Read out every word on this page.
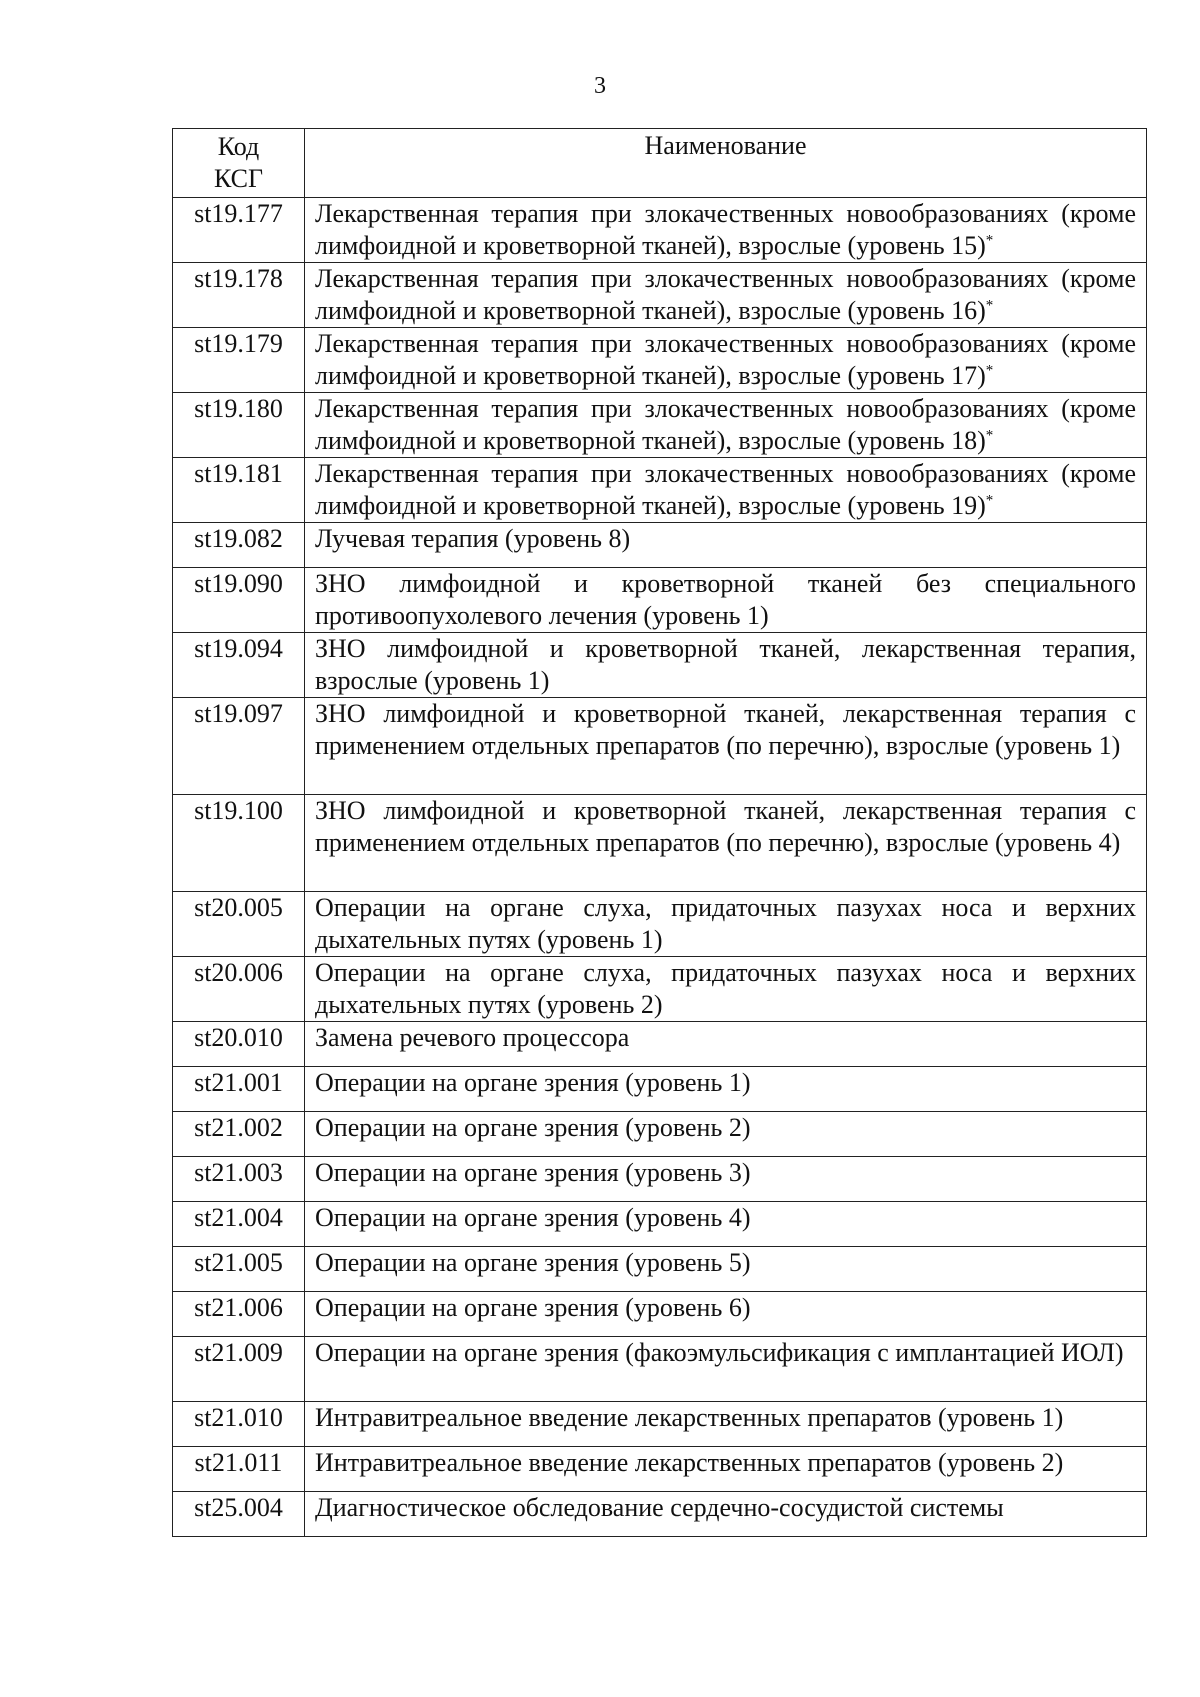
3
Код
КСГ	Наименование
st19.177	Лекарственная терапия при злокачественных новообразованиях (кроме лимфоидной и кроветворной тканей), взрослые (уровень 15)*
st19.178	Лекарственная терапия при злокачественных новообразованиях (кроме лимфоидной и кроветворной тканей), взрослые (уровень 16)*
st19.179	Лекарственная терапия при злокачественных новообразованиях (кроме лимфоидной и кроветворной тканей), взрослые (уровень 17)*
st19.180	Лекарственная терапия при злокачественных новообразованиях (кроме лимфоидной и кроветворной тканей), взрослые (уровень 18)*
st19.181	Лекарственная терапия при злокачественных новообразованиях (кроме лимфоидной и кроветворной тканей), взрослые (уровень 19)*
st19.082	Лучевая терапия (уровень 8)
st19.090	ЗНО лимфоидной и кроветворной тканей без специального противоопухолевого лечения (уровень 1)
st19.094	ЗНО лимфоидной и кроветворной тканей, лекарственная терапия, взрослые (уровень 1)
st19.097	ЗНО лимфоидной и кроветворной тканей, лекарственная терапия с применением отдельных препаратов (по перечню), взрослые (уровень 1)
st19.100	ЗНО лимфоидной и кроветворной тканей, лекарственная терапия с применением отдельных препаратов (по перечню), взрослые (уровень 4)
st20.005	Операции на органе слуха, придаточных пазухах носа и верхних дыхательных путях (уровень 1)
st20.006	Операции на органе слуха, придаточных пазухах носа и верхних дыхательных путях (уровень 2)
st20.010	Замена речевого процессора
st21.001	Операции на органе зрения (уровень 1)
st21.002	Операции на органе зрения (уровень 2)
st21.003	Операции на органе зрения (уровень 3)
st21.004	Операции на органе зрения (уровень 4)
st21.005	Операции на органе зрения (уровень 5)
st21.006	Операции на органе зрения (уровень 6)
st21.009	Операции на органе зрения (факоэмульсификация с имплантацией ИОЛ)
st21.010	Интравитреальное введение лекарственных препаратов (уровень 1)
st21.011	Интравитреальное введение лекарственных препаратов (уровень 2)
st25.004	Диагностическое обследование сердечно-сосудистой системы
